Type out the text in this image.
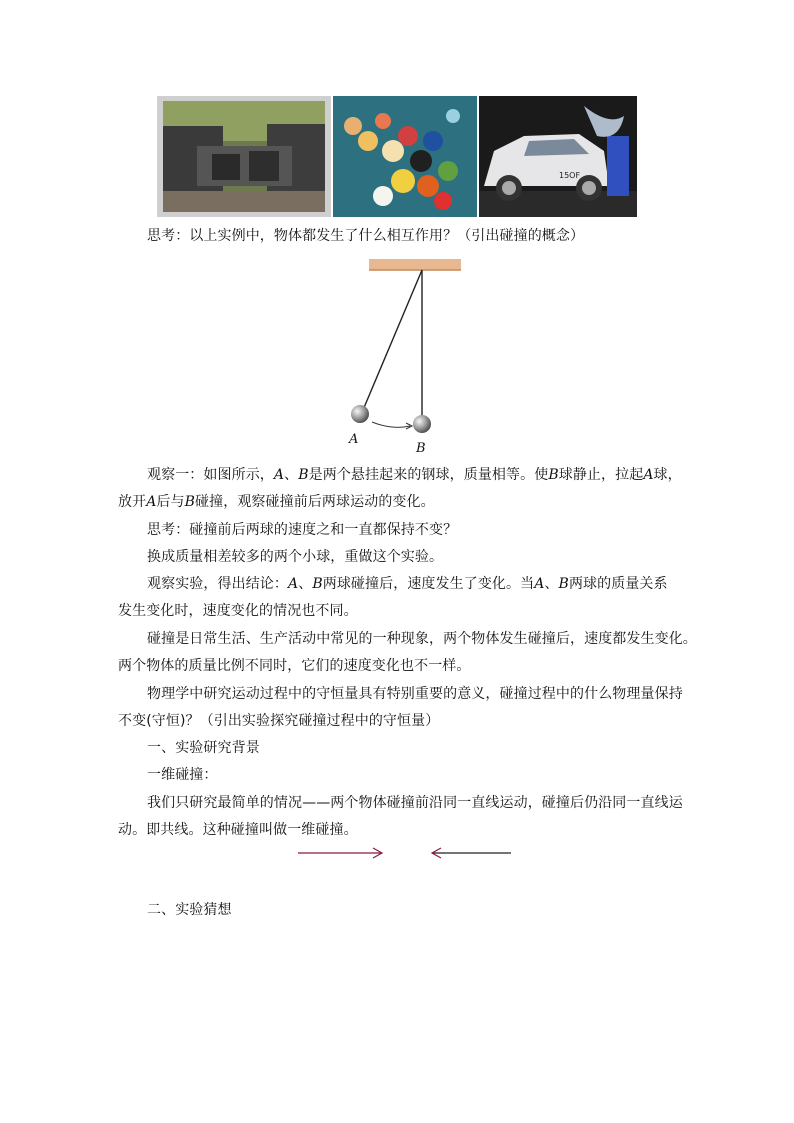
15OF
思考：以上实例中，物体都发生了什么相互作用？（引出碰撞的概念）
A
B
观察一：如图所示，A、B是两个悬挂起来的钢球，质量相等。使B球静止，拉起A球，
放开A后与B碰撞，观察碰撞前后两球运动的变化。
思考：碰撞前后两球的速度之和一直都保持不变？
换成质量相差较多的两个小球，重做这个实验。
观察实验，得出结论：A、B两球碰撞后，速度发生了变化。当A、B两球的质量关系
发生变化时，速度变化的情况也不同。
碰撞是日常生活、生产活动中常见的一种现象，两个物体发生碰撞后，速度都发生变化。
两个物体的质量比例不同时，它们的速度变化也不一样。
物理学中研究运动过程中的守恒量具有特别重要的意义，碰撞过程中的什么物理量保持
不变(守恒)？（引出实验探究碰撞过程中的守恒量）
一、实验研究背景
一维碰撞：
我们只研究最简单的情况——两个物体碰撞前沿同一直线运动，碰撞后仍沿同一直线运
动。即共线。这种碰撞叫做一维碰撞。
二、实验猜想
